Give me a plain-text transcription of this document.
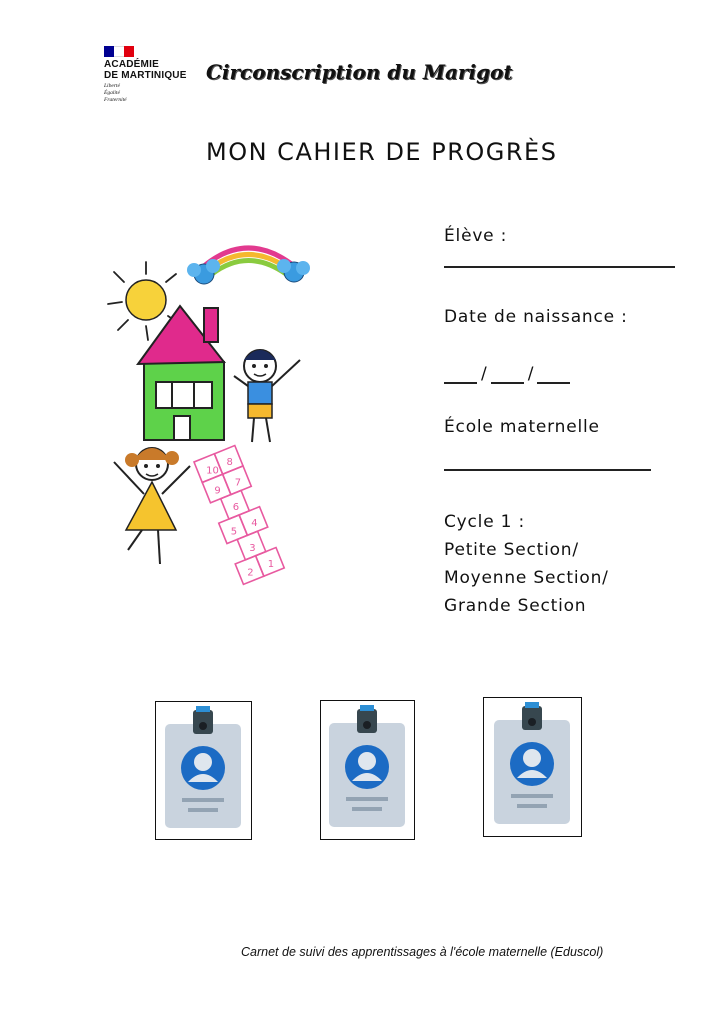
ACADÉMIE
DE MARTINIQUE
Liberté
Égalité
Fraternité
Circonscription du Marigot
MON CAHIER DE PROGRÈS
10
8
9
7
6
5
4
3
2
1
Élève :
Date de naissance :
/ /
École maternelle
Cycle 1 :
Petite Section/
Moyenne Section/
Grande Section
Carnet de suivi des apprentissages à l'école maternelle (Eduscol)
